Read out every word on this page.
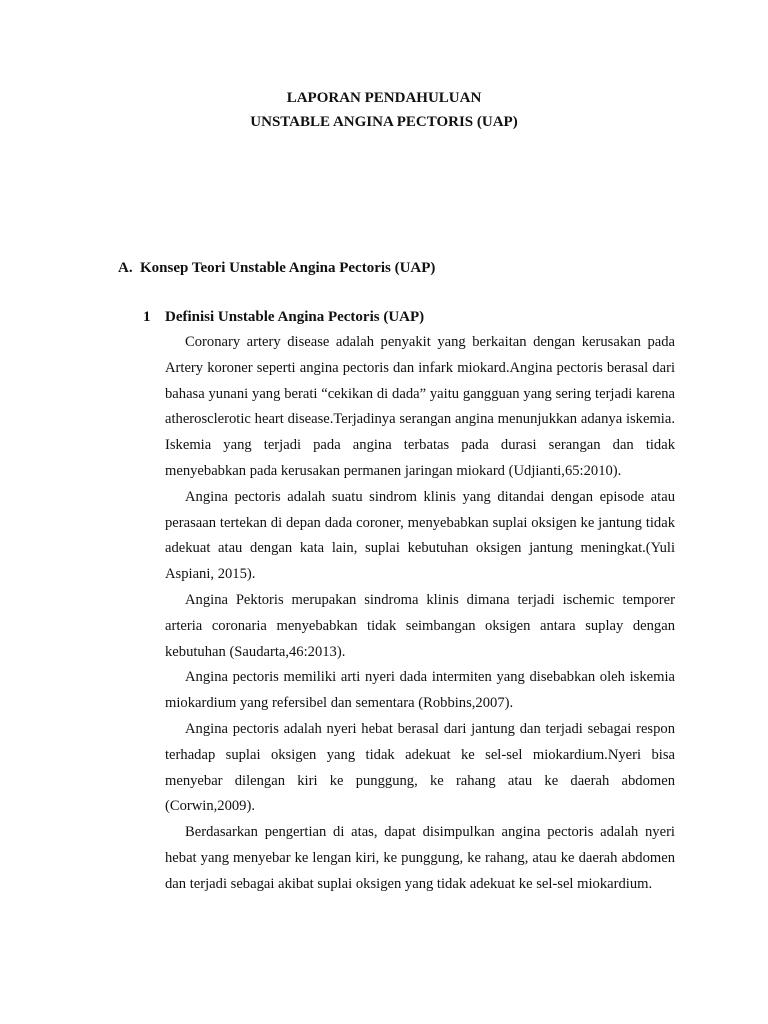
LAPORAN PENDAHULUAN
UNSTABLE ANGINA PECTORIS (UAP)
A. Konsep Teori Unstable Angina Pectoris (UAP)
1 Definisi Unstable Angina Pectoris (UAP)

Coronary artery disease adalah penyakit yang berkaitan dengan kerusakan pada Artery koroner seperti angina pectoris dan infark miokard.Angina pectoris berasal dari bahasa yunani yang berati “cekikan di dada” yaitu gangguan yang sering terjadi karena atherosclerotic heart disease.Terjadinya serangan angina menunjukkan adanya iskemia. Iskemia yang terjadi pada angina terbatas pada durasi serangan dan tidak menyebabkan pada kerusakan permanen jaringan miokard (Udjianti,65:2010).

Angina pectoris adalah suatu sindrom klinis yang ditandai dengan episode atau perasaan tertekan di depan dada coroner, menyebabkan suplai oksigen ke jantung tidak adekuat atau dengan kata lain, suplai kebutuhan oksigen jantung meningkat.(Yuli Aspiani, 2015).

Angina Pektoris merupakan sindroma klinis dimana terjadi ischemic temporer arteria coronaria menyebabkan tidak seimbangan oksigen antara suplay dengan kebutuhan (Saudarta,46:2013).

Angina pectoris memiliki arti nyeri dada intermiten yang disebabkan oleh iskemia miokardium yang refersibel dan sementara (Robbins,2007).

Angina pectoris adalah nyeri hebat berasal dari jantung dan terjadi sebagai respon terhadap suplai oksigen yang tidak adekuat ke sel-sel miokardium.Nyeri bisa menyebar dilengan kiri ke punggung, ke rahang atau ke daerah abdomen (Corwin,2009).

Berdasarkan pengertian di atas, dapat disimpulkan angina pectoris adalah nyeri hebat yang menyebar ke lengan kiri, ke punggung, ke rahang, atau ke daerah abdomen dan terjadi sebagai akibat suplai oksigen yang tidak adekuat ke sel-sel miokardium.
